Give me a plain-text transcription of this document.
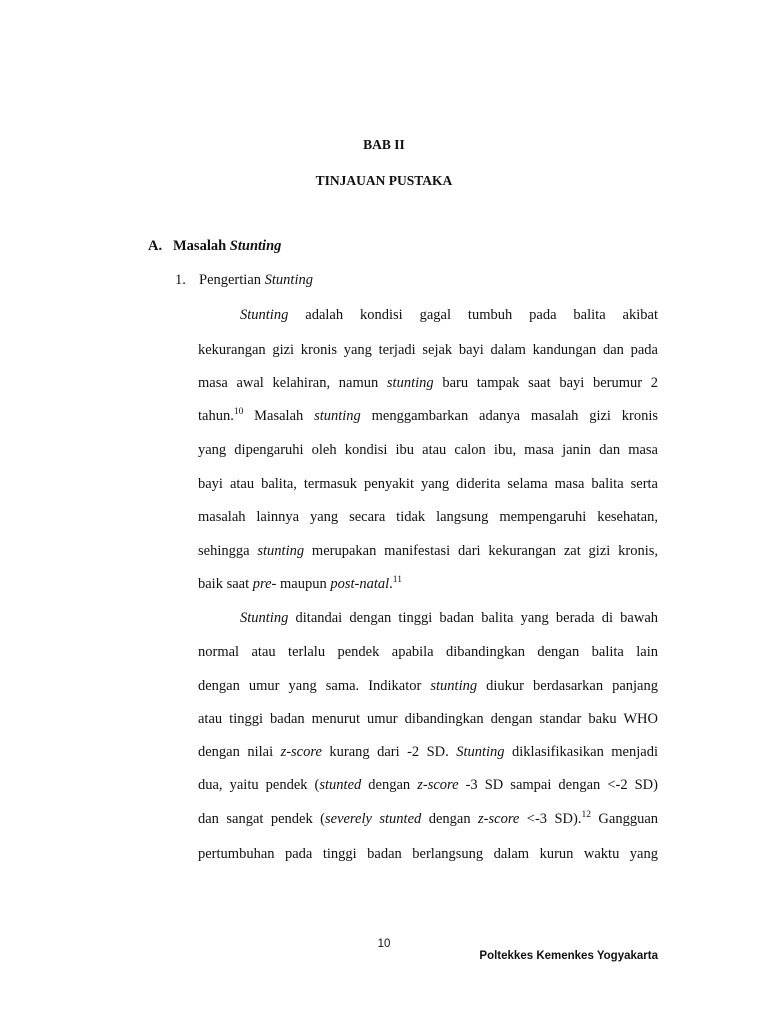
BAB II
TINJAUAN PUSTAKA
A. Masalah Stunting
1. Pengertian Stunting
Stunting adalah kondisi gagal tumbuh pada balita akibat
kekurangan gizi kronis yang terjadi sejak bayi dalam kandungan dan pada
masa awal kelahiran, namun stunting baru tampak saat bayi berumur 2
tahun.$^{10}$ Masalah stunting menggambarkan adanya masalah gizi kronis
yang dipengaruhi oleh kondisi ibu atau calon ibu, masa janin dan masa
bayi atau balita, termasuk penyakit yang diderita selama masa balita serta
masalah lainnya yang secara tidak langsung mempengaruhi kesehatan,
sehingga stunting merupakan manifestasi dari kekurangan zat gizi kronis,
baik saat pre- maupun post-natal.$^{11}$
Stunting ditandai dengan tinggi badan balita yang berada di bawah
normal atau terlalu pendek apabila dibandingkan dengan balita lain
dengan umur yang sama. Indikator stunting diukur berdasarkan panjang
atau tinggi badan menurut umur dibandingkan dengan standar baku WHO
dengan nilai z-score kurang dari -2 SD. Stunting diklasifikasikan menjadi
dua, yaitu pendek (stunted dengan z-score -3 SD sampai dengan <-2 SD)
dan sangat pendek (severely stunted dengan z-score <-3 SD).$^{12}$ Gangguan
pertumbuhan pada tinggi badan berlangsung dalam kurun waktu yang
10
Poltekkes Kemenkes Yogyakarta
